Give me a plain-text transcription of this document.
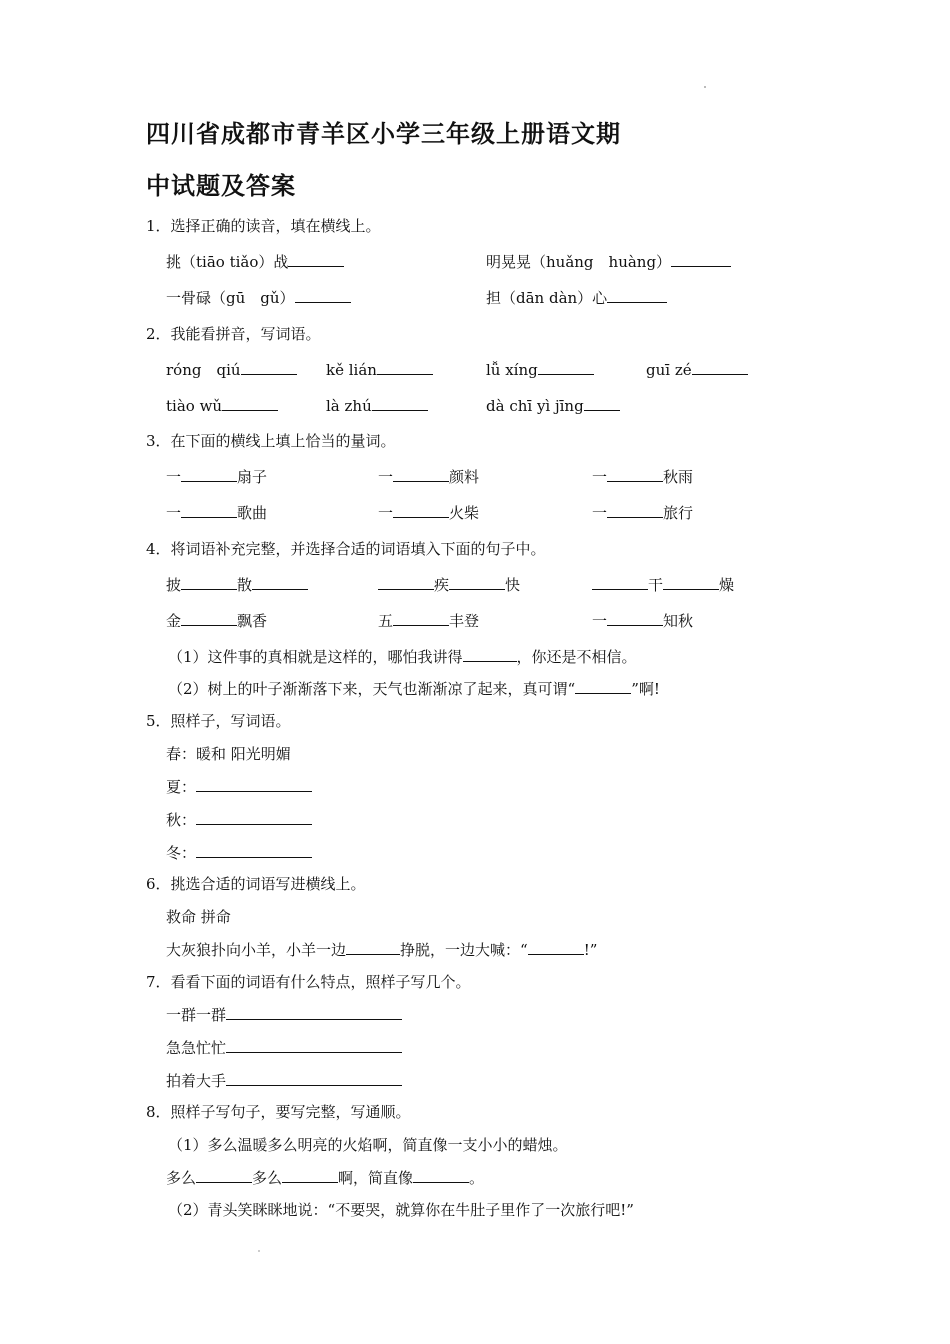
四川省成都市青羊区小学三年级上册语文期
中试题及答案
1．选择正确的读音，填在横线上。
挑（tiāo tiǎo）战	明晃晃（huǎng　huàng）
一骨碌（gū　gǔ）	担（dān dàn）心
2．我能看拼音，写词语。
róng　qiú	kě lián	lǚ xíng	guī zé
tiào wǔ	là zhú	dà chī yì jīng
3．在下面的横线上填上恰当的量词。
一	扇子	一	颜料	一	秋雨
一	歌曲	一	火柴	一	旅行
4．将词语补充完整，并选择合适的词语填入下面的句子中。
披	散	疾	快	干	燥
金	飘香	五	丰登	一	知秋
（1）这件事的真相就是这样的，哪怕我讲得	，你还是不相信。
（2）树上的叶子渐渐落下来，天气也渐渐凉了起来，真可谓“	”啊!
5．照样子，写词语。
春：暖和 阳光明媚
夏：
秋：
冬：
6．挑选合适的词语写进横线上。
救命 拼命
大灰狼扑向小羊，小羊一边	挣脱，一边大喊：“	!”
7．看看下面的词语有什么特点，照样子写几个。
一群一群
急急忙忙
拍着大手
8．照样子写句子，要写完整，写通顺。
（1）多么温暖多么明亮的火焰啊，简直像一支小小的蜡烛。
多么	多么	啊，简直像	。
（2）青头笑眯眯地说：“不要哭，就算你在牛肚子里作了一次旅行吧!”
